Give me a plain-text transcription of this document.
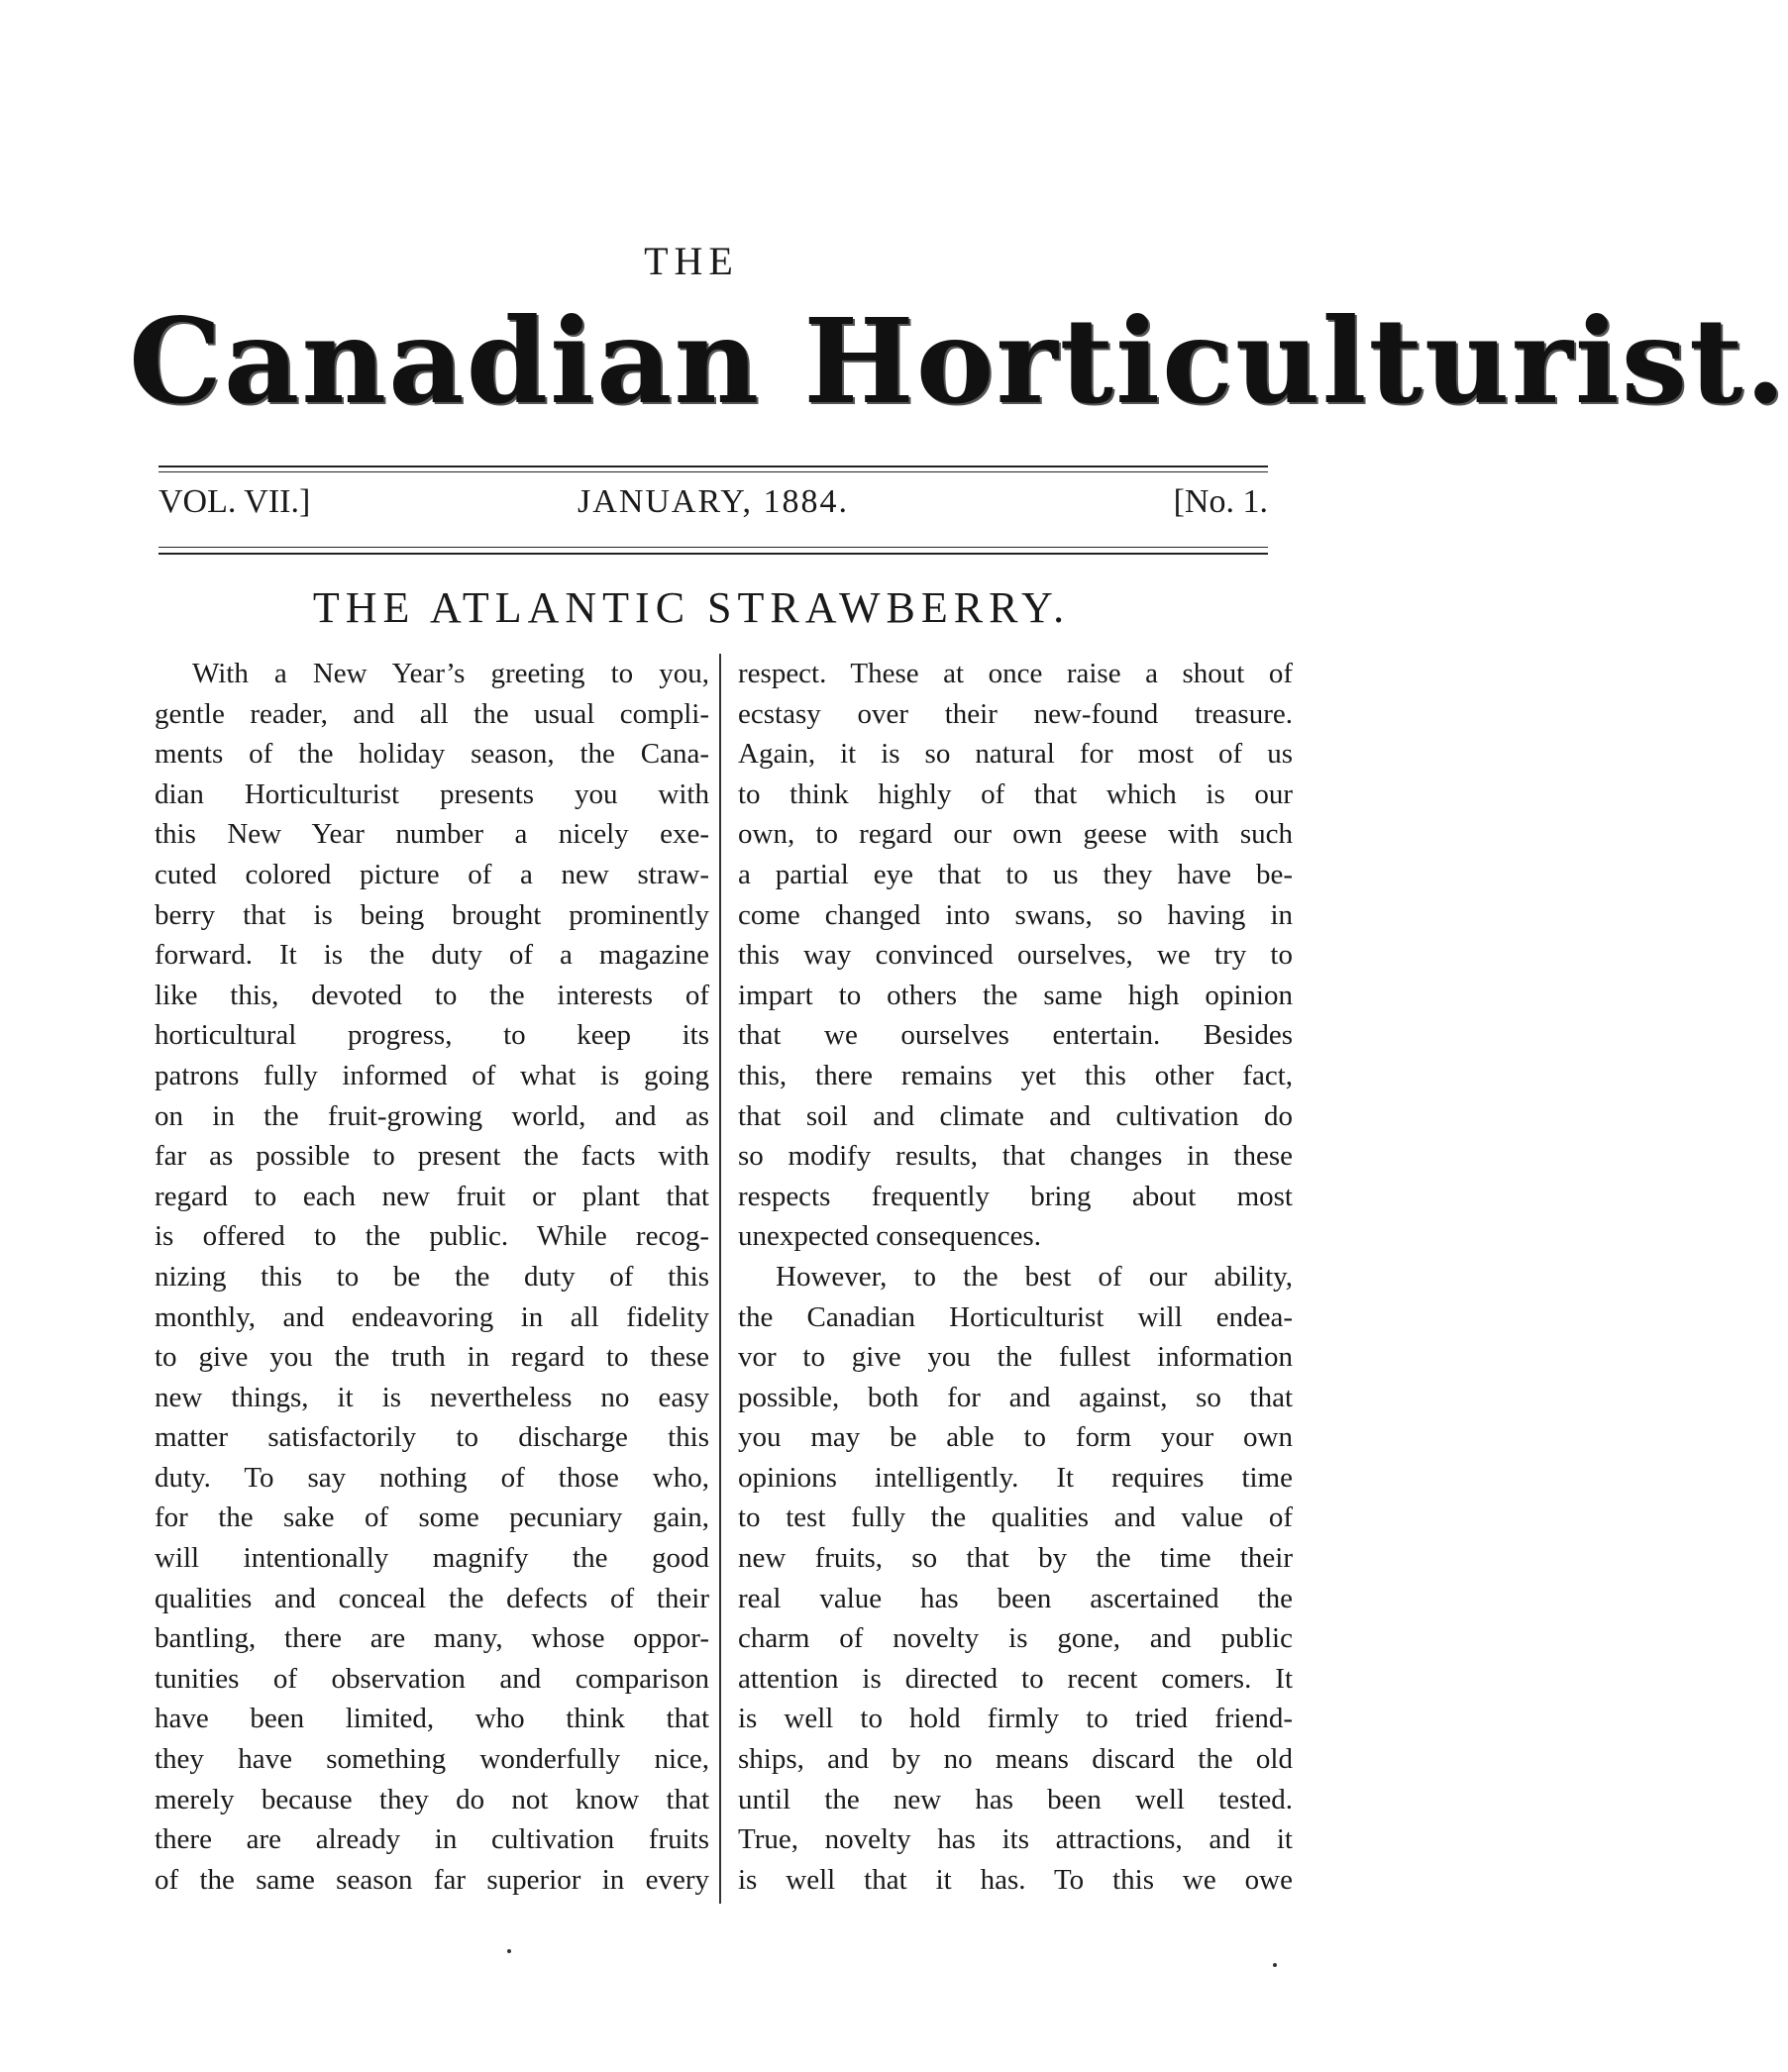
THE
Canadian Horticulturist.
VOL. VII.]	JANUARY, 1884.	[No. 1.
THE ATLANTIC STRAWBERRY.
With a New Year’s greeting to you,
gentle reader, and all the usual compli-
ments of the holiday season, the Cana-
dian Horticulturist presents you with
this New Year number a nicely exe-
cuted colored picture of a new straw-
berry that is being brought prominently
forward. It is the duty of a magazine
like this, devoted to the interests of
horticultural progress, to keep its
patrons fully informed of what is going
on in the fruit-growing world, and as
far as possible to present the facts with
regard to each new fruit or plant that
is offered to the public. While recog-
nizing this to be the duty of this
monthly, and endeavoring in all fidelity
to give you the truth in regard to these
new things, it is nevertheless no easy
matter satisfactorily to discharge this
duty. To say nothing of those who,
for the sake of some pecuniary gain,
will intentionally magnify the good
qualities and conceal the defects of their
bantling, there are many, whose oppor-
tunities of observation and comparison
have been limited, who think that
they have something wonderfully nice,
merely because they do not know that
there are already in cultivation fruits
of the same season far superior in every
respect. These at once raise a shout of
ecstasy over their new-found treasure.
Again, it is so natural for most of us
to think highly of that which is our
own, to regard our own geese with such
a partial eye that to us they have be-
come changed into swans, so having in
this way convinced ourselves, we try to
impart to others the same high opinion
that we ourselves entertain. Besides
this, there remains yet this other fact,
that soil and climate and cultivation do
so modify results, that changes in these
respects frequently bring about most
unexpected consequences.
However, to the best of our ability,
the Canadian Horticulturist will endea-
vor to give you the fullest information
possible, both for and against, so that
you may be able to form your own
opinions intelligently. It requires time
to test fully the qualities and value of
new fruits, so that by the time their
real value has been ascertained the
charm of novelty is gone, and public
attention is directed to recent comers. It
is well to hold firmly to tried friend-
ships, and by no means discard the old
until the new has been well tested.
True, novelty has its attractions, and it
is well that it has. To this we owe
